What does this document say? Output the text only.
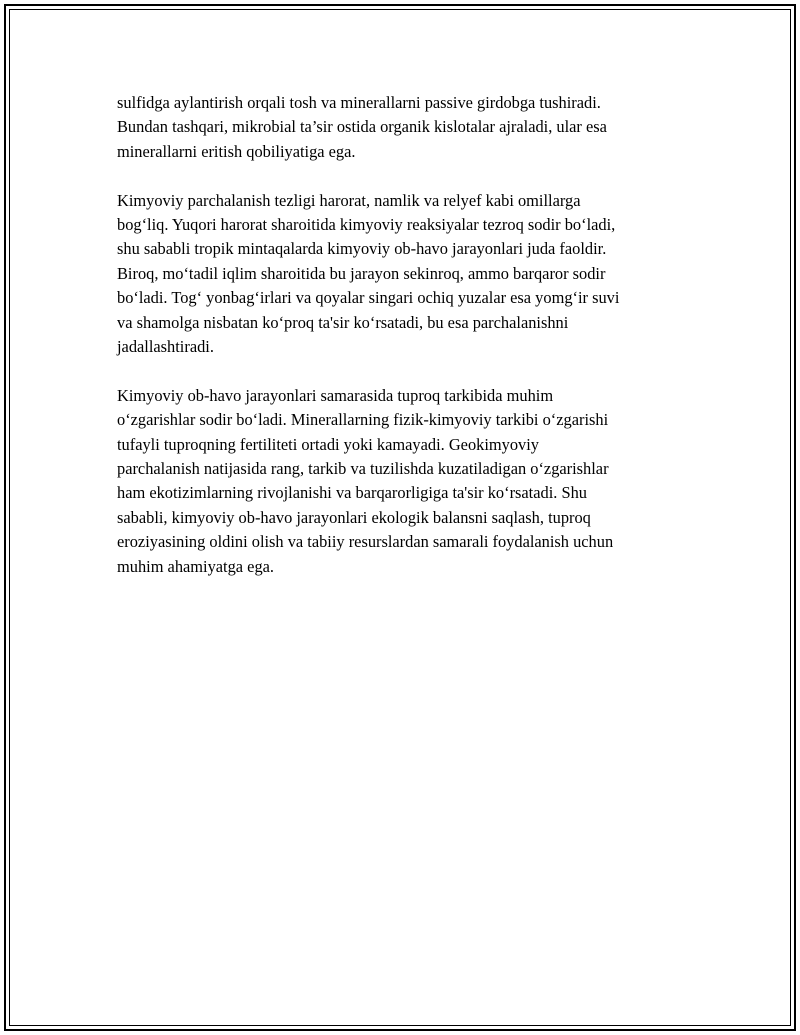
sulfidga aylantirish orqali tosh va minerallarni passive girdobga tushiradi.
Bundan tashqari, mikrobial ta’sir ostida organik kislotalar ajraladi, ular esa
minerallarni eritish qobiliyatiga ega.

Kimyoviy parchalanish tezligi harorat, namlik va relyef kabi omillarga
bog‘liq. Yuqori harorat sharoitida kimyoviy reaksiyalar tezroq sodir bo‘ladi,
shu sababli tropik mintaqalarda kimyoviy ob-havo jarayonlari juda faoldir.
Biroq, mo‘tadil iqlim sharoitida bu jarayon sekinroq, ammo barqaror sodir
bo‘ladi. Tog‘ yonbag‘irlari va qoyalar singari ochiq yuzalar esa yomg‘ir suvi
va shamolga nisbatan ko‘proq ta'sir ko‘rsatadi, bu esa parchalanishni
jadallashtiradi.

Kimyoviy ob-havo jarayonlari samarasida tuproq tarkibida muhim
o‘zgarishlar sodir bo‘ladi. Minerallarning fizik-kimyoviy tarkibi o‘zgarishi
tufayli tuproqning fertiliteti ortadi yoki kamayadi. Geokimyoviy
parchalanish natijasida rang, tarkib va tuzilishda kuzatiladigan o‘zgarishlar
ham ekotizimlarning rivojlanishi va barqarorligiga ta'sir ko‘rsatadi. Shu
sababli, kimyoviy ob-havo jarayonlari ekologik balansni saqlash, tuproq
eroziyasining oldini olish va tabiiy resurslardan samarali foydalanish uchun
muhim ahamiyatga ega.
